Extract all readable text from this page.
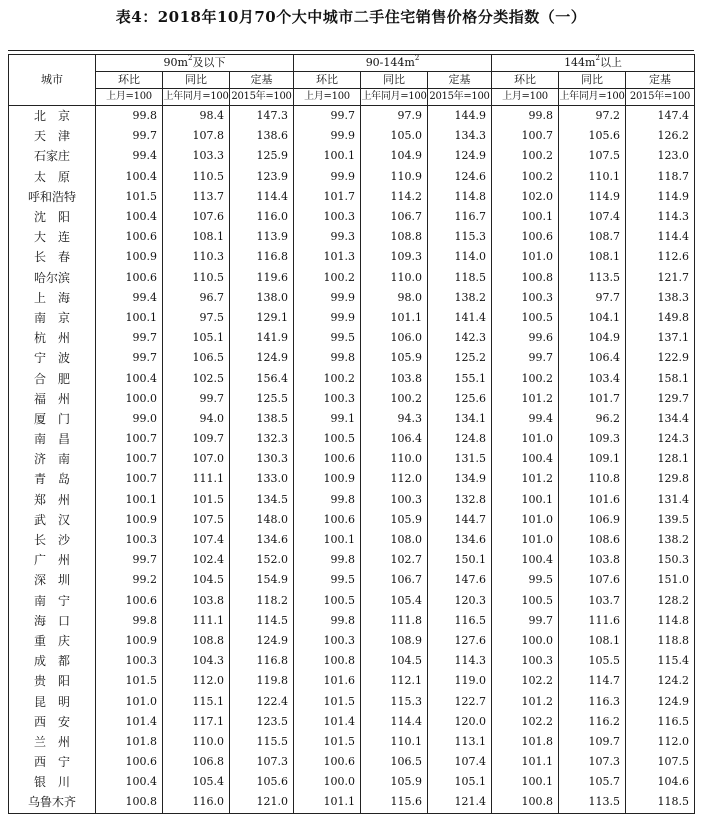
表4：2018年10月70个大中城市二手住宅销售价格分类指数（一）
城市	$90m^2$及以下			$90-144m^2$			$144m^2$以上		
	环比	同比	定基	环比	同比	定基	环比	同比	定基
	上月=100	上年同月=100	2015年=100	上月=100	上年同月=100	2015年=100	上月=100	上年同月=100	2015年=100
北　京	99.8	98.4	147.3	99.7	97.9	144.9	99.8	97.2	147.4
天　津	99.7	107.8	138.6	99.9	105.0	134.3	100.7	105.6	126.2
石家庄	99.4	103.3	125.9	100.1	104.9	124.9	100.2	107.5	123.0
太　原	100.4	110.5	123.9	99.9	110.9	124.6	100.2	110.1	118.7
呼和浩特	101.5	113.7	114.4	101.7	114.2	114.8	102.0	114.9	114.9
沈　阳	100.4	107.6	116.0	100.3	106.7	116.7	100.1	107.4	114.3
大　连	100.6	108.1	113.9	99.3	108.8	115.3	100.6	108.7	114.4
长　春	100.9	110.3	116.8	101.3	109.3	114.0	101.0	108.1	112.6
哈尔滨	100.6	110.5	119.6	100.2	110.0	118.5	100.8	113.5	121.7
上　海	99.4	96.7	138.0	99.9	98.0	138.2	100.3	97.7	138.3
南　京	100.1	97.5	129.1	99.9	101.1	141.4	100.5	104.1	149.8
杭　州	99.7	105.1	141.9	99.5	106.0	142.3	99.6	104.9	137.1
宁　波	99.7	106.5	124.9	99.8	105.9	125.2	99.7	106.4	122.9
合　肥	100.4	102.5	156.4	100.2	103.8	155.1	100.2	103.4	158.1
福　州	100.0	99.7	125.5	100.3	100.2	125.6	101.2	101.7	129.7
厦　门	99.0	94.0	138.5	99.1	94.3	134.1	99.4	96.2	134.4
南　昌	100.7	109.7	132.3	100.5	106.4	124.8	101.0	109.3	124.3
济　南	100.7	107.0	130.3	100.6	110.0	131.5	100.4	109.1	128.1
青　岛	100.7	111.1	133.0	100.9	112.0	134.9	101.2	110.8	129.8
郑　州	100.1	101.5	134.5	99.8	100.3	132.8	100.1	101.6	131.4
武　汉	100.9	107.5	148.0	100.6	105.9	144.7	101.0	106.9	139.5
长　沙	100.3	107.4	134.6	100.1	108.0	134.6	101.0	108.6	138.2
广　州	99.7	102.4	152.0	99.8	102.7	150.1	100.4	103.8	150.3
深　圳	99.2	104.5	154.9	99.5	106.7	147.6	99.5	107.6	151.0
南　宁	100.6	103.8	118.2	100.5	105.4	120.3	100.5	103.7	128.2
海　口	99.8	111.1	114.5	99.8	111.8	116.5	99.7	111.6	114.8
重　庆	100.9	108.8	124.9	100.3	108.9	127.6	100.0	108.1	118.8
成　都	100.3	104.3	116.8	100.8	104.5	114.3	100.3	105.5	115.4
贵　阳	101.5	112.0	119.8	101.6	112.1	119.0	102.2	114.7	124.2
昆　明	101.0	115.1	122.4	101.5	115.3	122.7	101.2	116.3	124.9
西　安	101.4	117.1	123.5	101.4	114.4	120.0	102.2	116.2	116.5
兰　州	101.8	110.0	115.5	101.5	110.1	113.1	101.8	109.7	112.0
西　宁	100.6	106.8	107.3	100.6	106.5	107.4	101.1	107.3	107.5
银　川	100.4	105.4	105.6	100.0	105.9	105.1	100.1	105.7	104.6
乌鲁木齐	100.8	116.0	121.0	101.1	115.6	121.4	100.8	113.5	118.5
